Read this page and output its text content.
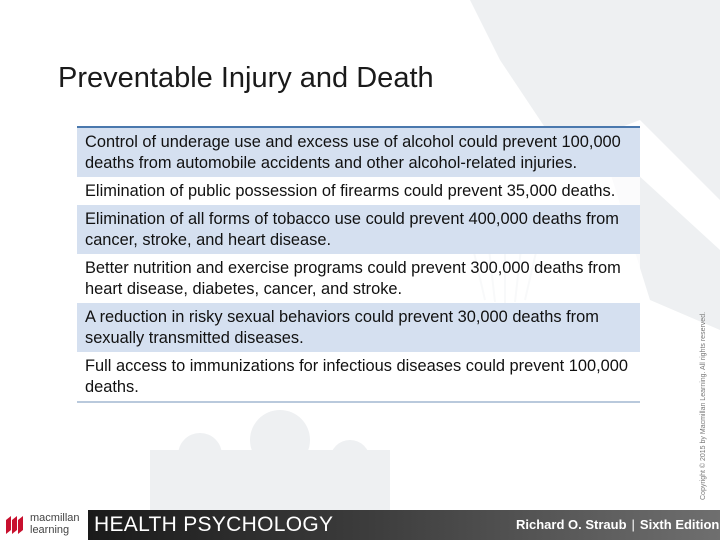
Preventable Injury and Death
Control of underage use and excess use of alcohol could prevent 100,000 deaths from automobile accidents and other alcohol-related injuries.
Elimination of public possession of firearms could prevent 35,000 deaths.
Elimination of all forms of tobacco use could prevent 400,000 deaths from cancer, stroke, and heart disease.
Better nutrition and exercise programs could prevent 300,000 deaths from heart disease, diabetes, cancer, and stroke.
A reduction in risky sexual behaviors could prevent 30,000 deaths from sexually transmitted diseases.
Full access to immunizations for infectious diseases could prevent 100,000 deaths.	Copyright © 2015 by Macmillan Learning. All rights reserved.
macmillan
learning	HEALTH PSYCHOLOGY	Richard O. Straub | Sixth Edition
